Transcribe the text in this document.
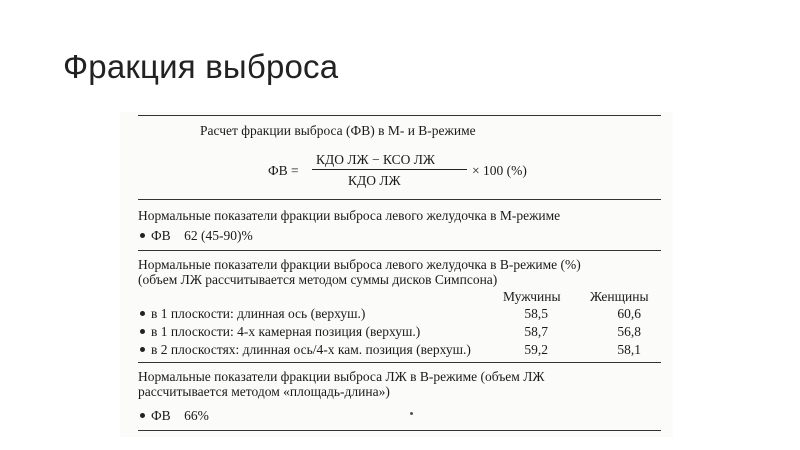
Фракция выброса
Расчет фракции выброса (ФВ) в М- и В-режиме
ФВ =
КДО ЛЖ − КСО ЛЖ
КДО ЛЖ
× 100 (%)
Нормальные показатели фракции выброса левого желудочка в М-режиме
ФВ    62 (45-90)%
Нормальные показатели фракции выброса левого желудочка в В-режиме (%)
(объем ЛЖ рассчитывается методом суммы дисков Симпсона)
Мужчины Женщины
в 1 плоскости: длинная ось (верхуш.)	58,5	60,6
в 1 плоскости: 4-х камерная позиция (верхуш.)	58,7	56,8
в 2 плоскостях: длинная ось/4-х кам. позиция (верхуш.)	59,2	58,1
Нормальные показатели фракции выброса ЛЖ в В-режиме (объем ЛЖ
рассчитывается методом «площадь-длина»)
ФВ    66%
